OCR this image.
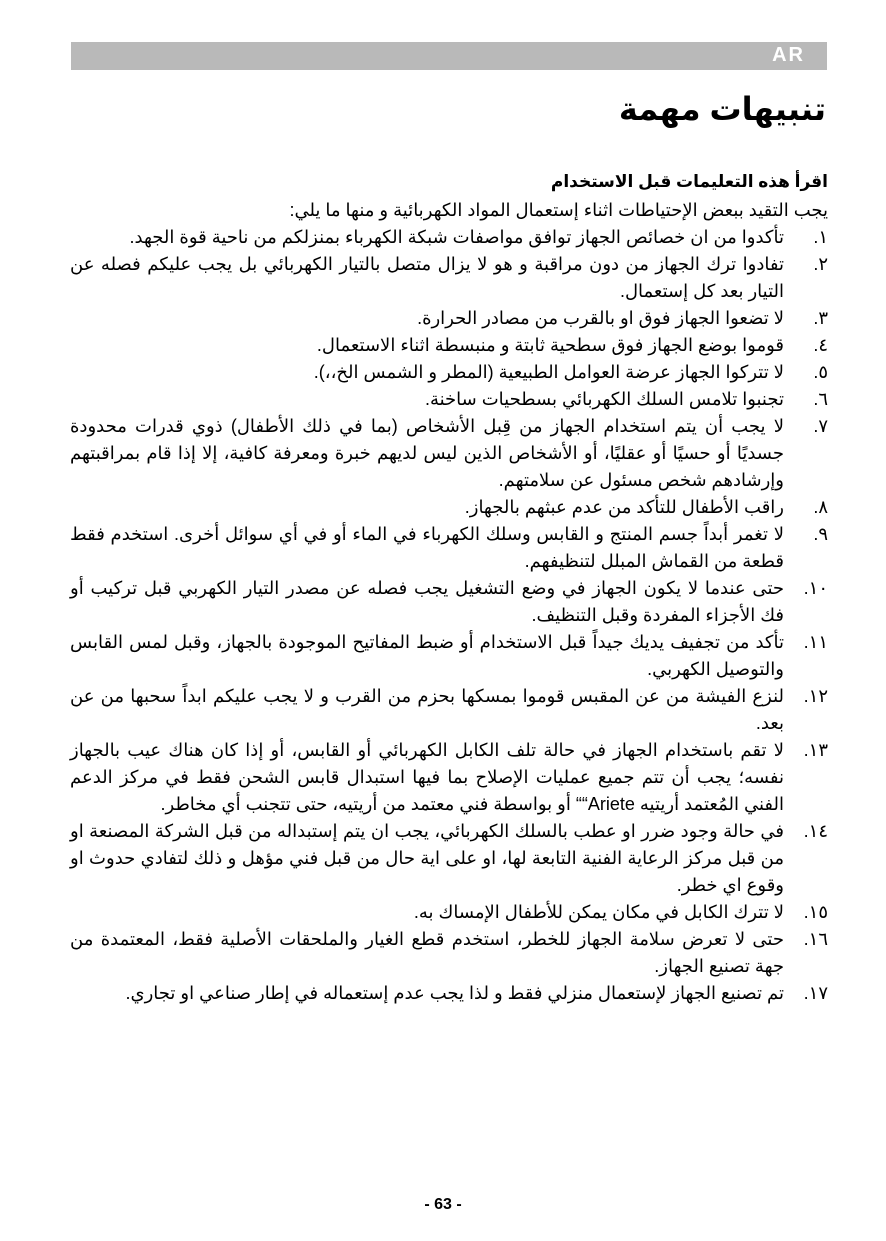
AR
تنبيهات مهمة

اقرأ هذه التعليمات قبل الاستخدام

يجب التقيد ببعض الإحتياطات اثناء إستعمال المواد الكهربائية و منها ما يلي:

١.
تأكدوا من ان خصائص الجهاز توافق مواصفات شبكة الكهرباء بمنزلكم من ناحية قوة الجهد.
٢.
تفادوا ترك الجهاز من دون مراقبة و هو لا يزال متصل بالتيار الكهربائي بل يجب عليكم فصله عن التيار بعد كل إستعمال.
٣.
لا تضعوا الجهاز فوق او بالقرب من مصادر الحرارة.
٤.
قوموا بوضع الجهاز فوق سطحية ثابتة و منبسطة اثناء الاستعمال.
٥.
لا تتركوا الجهاز عرضة العوامل الطبيعية (المطر و الشمس الخ،،).
٦.
تجنبوا تلامس السلك الكهربائي بسطحيات ساخنة.
٧.
لا يجب أن يتم استخدام الجهاز من قِبل الأشخاص (بما في ذلك الأطفال) ذوي قدرات محدودة جسديًا أو حسيًا أو عقليًا، أو الأشخاص الذين ليس لديهم خبرة ومعرفة كافية، إلا إذا قام بمراقبتهم وإرشادهم شخص مسئول عن سلامتهم.
٨.
راقب الأطفال للتأكد من عدم عبثهم بالجهاز.
٩.
لا تغمر أبداً جسم المنتج و القابس وسلك الكهرباء في الماء أو في أي سوائل أخرى. استخدم فقط قطعة من القماش المبلل لتنظيفهم.
١٠.
حتى عندما لا يكون الجهاز في وضع التشغيل يجب فصله عن مصدر التيار الكهربي قبل تركيب أو فك الأجزاء المفردة وقبل التنظيف.
١١.
تأكد من تجفيف يديك جيداً قبل الاستخدام أو ضبط المفاتيح الموجودة بالجهاز، وقبل لمس القابس والتوصيل الكهربي.
١٢.
لنزع الفيشة من عن المقبس قوموا بمسكها بحزم من القرب و لا يجب عليكم ابداً سحبها من عن بعد.
١٣.
لا تقم باستخدام الجهاز في حالة تلف الكابل الكهربائي أو القابس، أو إذا كان هناك عيب بالجهاز نفسه؛ يجب أن تتم جميع عمليات الإصلاح بما فيها استبدال قابس الشحن فقط في مركز الدعم الفني المُعتمد أريتيه Ariete““ أو بواسطة فني معتمد من أريتيه، حتى تتجنب أي مخاطر.
١٤.
في حالة وجود ضرر او عطب بالسلك الكهربائي، يجب ان يتم إستبداله من قبل الشركة المصنعة او من قبل مركز الرعاية الفنية التابعة لها، او على اية حال من قبل فني مؤهل و ذلك لتفادي حدوث او وقوع اي خطر.
١٥.
لا تترك الكابل في مكان يمكن للأطفال الإمساك به.
١٦.
حتى لا تعرض سلامة الجهاز للخطر، استخدم قطع الغيار والملحقات الأصلية فقط، المعتمدة من جهة تصنيع الجهاز.
١٧.
تم تصنيع الجهاز لإستعمال منزلي فقط و لذا يجب عدم إستعماله في إطار صناعي او تجاري.
- 63 -
